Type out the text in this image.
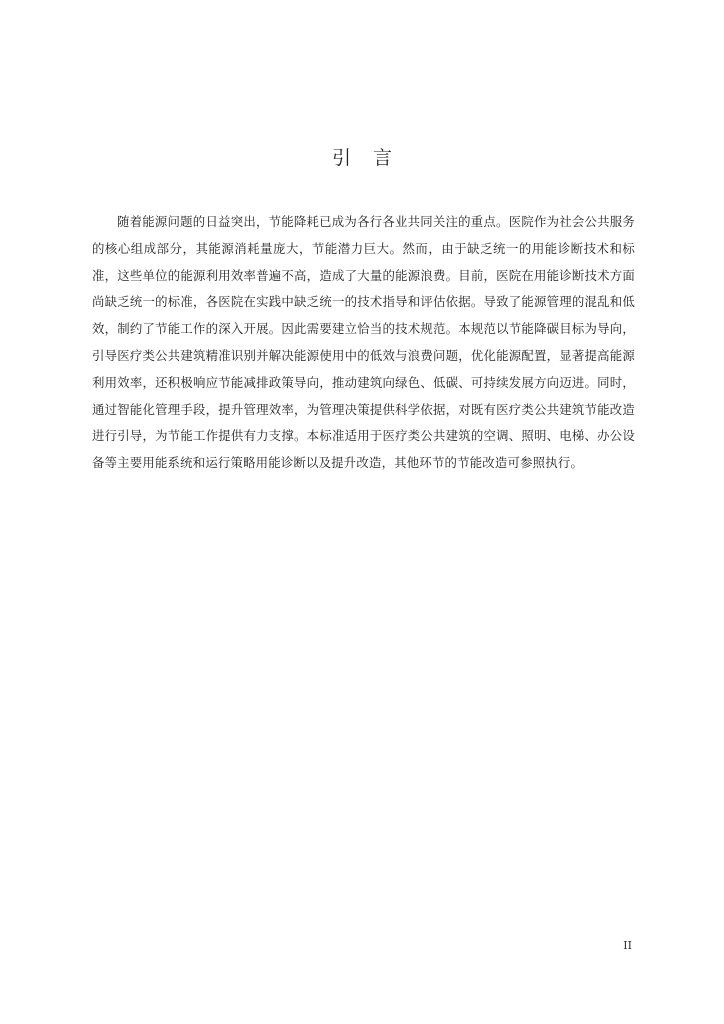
引言

随着能源问题的日益突出，节能降耗已成为各行各业共同关注的重点。医院作为社会公共服务的核心组成部分，其能源消耗量庞大，节能潜力巨大。然而，由于缺乏统一的用能诊断技术和标准，这些单位的能源利用效率普遍不高，造成了大量的能源浪费。目前，医院在用能诊断技术方面尚缺乏统一的标准，各医院在实践中缺乏统一的技术指导和评估依据。导致了能源管理的混乱和低效，制约了节能工作的深入开展。因此需要建立恰当的技术规范。本规范以节能降碳目标为导向，引导医疗类公共建筑精准识别并解决能源使用中的低效与浪费问题，优化能源配置，显著提高能源利用效率，还积极响应节能减排政策导向，推动建筑向绿色、低碳、可持续发展方向迈进。同时，通过智能化管理手段，提升管理效率，为管理决策提供科学依据，对既有医疗类公共建筑节能改造进行引导，为节能工作提供有力支撑。本标准适用于医疗类公共建筑的空调、照明、电梯、办公设备等主要用能系统和运行策略用能诊断以及提升改造，其他环节的节能改造可参照执行。

II
